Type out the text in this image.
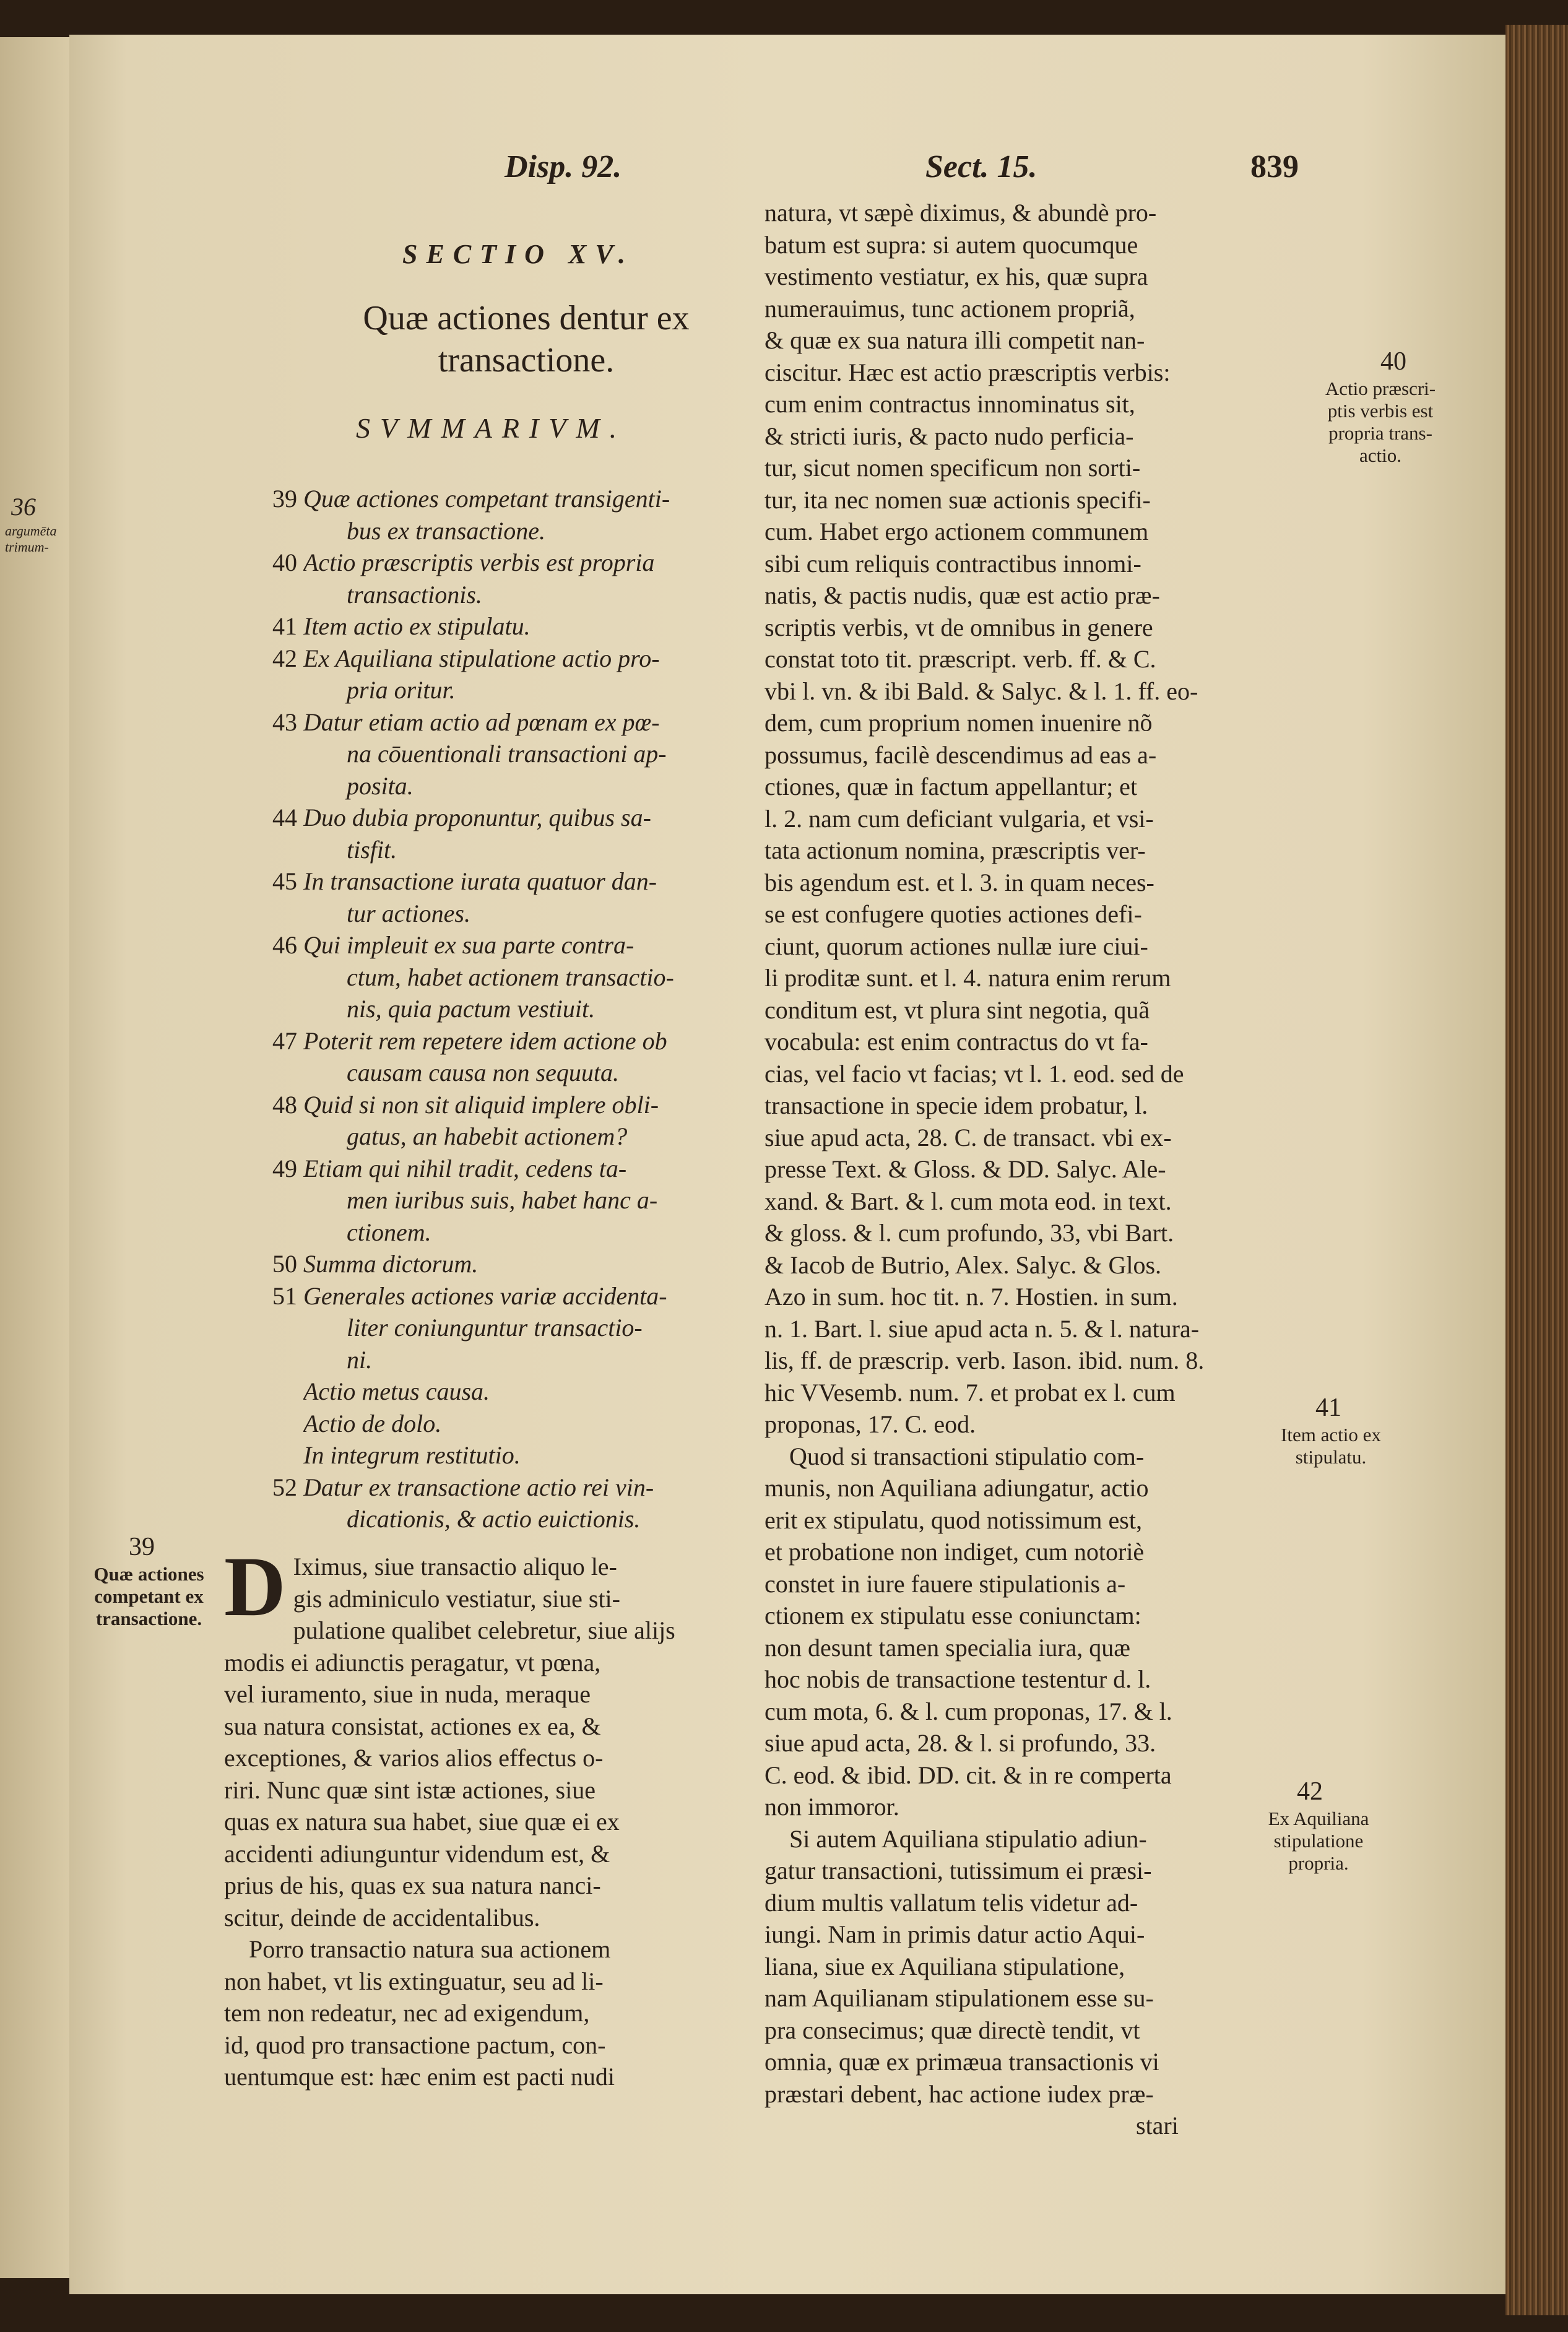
36
argumēta
trimum-
Disp. 92.	Sect. 15.	839
SECTIO XV.
Quæ actiones dentur ex
transactione.
SVMMARIVM.
39 Quæ actiones competant transigenti-
bus ex transactione.
40 Actio præscriptis verbis est propria
transactionis.
41 Item actio ex stipulatu.
42 Ex Aquiliana stipulatione actio pro-
pria oritur.
43 Datur etiam actio ad pœnam ex pœ-
na cōuentionali transactioni ap-
posita.
44 Duo dubia proponuntur, quibus sa-
tisfit.
45 In transactione iurata quatuor dan-
tur actiones.
46 Qui impleuit ex sua parte contra-
ctum, habet actionem transactio-
nis, quia pactum vestiuit.
47 Poterit rem repetere idem actione ob
causam causa non sequuta.
48 Quid si non sit aliquid implere obli-
gatus, an habebit actionem?
49 Etiam qui nihil tradit, cedens ta-
men iuribus suis, habet hanc a-
ctionem.
50 Summa dictorum.
51 Generales actiones variæ accidenta-
liter coniunguntur transactio-
ni.
Actio metus causa.
Actio de dolo.
In integrum restitutio.
52 Datur ex transactione actio rei vin-
dicationis, & actio euictionis.
39
Quæ actiones
competant ex
transactione. D Iximus, siue transactio aliquo le-
gis adminiculo vestiatur, siue sti-
pulatione qualibet celebretur, siue alijs
modis ei adiunctis peragatur, vt pœna,
vel iuramento, siue in nuda, meraque
sua natura consistat, actiones ex ea, &
exceptiones, & varios alios effectus o-
riri. Nunc quæ sint istæ actiones, siue
quas ex natura sua habet, siue quæ ei ex
accidenti adiunguntur videndum est, &
prius de his, quas ex sua natura nanci-
scitur, deinde de accidentalibus.
Porro transactio natura sua actionem
non habet, vt lis extinguatur, seu ad li-
tem non redeatur, nec ad exigendum,
id, quod pro transactione pactum, con-
uentumque est: hæc enim est pacti nudi
natura, vt sæpè diximus, & abundè pro-
batum est supra: si autem quocumque
vestimento vestiatur, ex his, quæ supra
numerauimus, tunc actionem propriã,
& quæ ex sua natura illi competit nan-
ciscitur. Hæc est actio præscriptis verbis:
cum enim contractus innominatus sit,
& stricti iuris, & pacto nudo perficia-
tur, sicut nomen specificum non sorti-
tur, ita nec nomen suæ actionis specifi-
cum. Habet ergo actionem communem
sibi cum reliquis contractibus innomi-
natis, & pactis nudis, quæ est actio præ-
scriptis verbis, vt de omnibus in genere
constat toto tit. præscript. verb. ff. & C.
vbi l. vn. & ibi Bald. & Salyc. & l. 1. ff. eo-
dem, cum proprium nomen inuenire nõ
possumus, facilè descendimus ad eas a-
ctiones, quæ in factum appellantur; et
l. 2. nam cum deficiant vulgaria, et vsi-
tata actionum nomina, præscriptis ver-
bis agendum est. et l. 3. in quam neces-
se est confugere quoties actiones defi-
ciunt, quorum actiones nullæ iure ciui-
li proditæ sunt. et l. 4. natura enim rerum
conditum est, vt plura sint negotia, quã
vocabula: est enim contractus do vt fa-
cias, vel facio vt facias; vt l. 1. eod. sed de
transactione in specie idem probatur, l.
siue apud acta, 28. C. de transact. vbi ex-
presse Text. & Gloss. & DD. Salyc. Ale-
xand. & Bart. & l. cum mota eod. in text.
& gloss. & l. cum profundo, 33, vbi Bart.
& Iacob de Butrio, Alex. Salyc. & Glos.
Azo in sum. hoc tit. n. 7. Hostien. in sum.
n. 1. Bart. l. siue apud acta n. 5. & l. natura-
lis, ff. de præscrip. verb. Iason. ibid. num. 8.
hic VVesemb. num. 7. et probat ex l. cum
proponas, 17. C. eod.
Quod si transactioni stipulatio com-
munis, non Aquiliana adiungatur, actio
erit ex stipulatu, quod notissimum est,
et probatione non indiget, cum notoriè
constet in iure fauere stipulationis a-
ctionem ex stipulatu esse coniunctam:
non desunt tamen specialia iura, quæ
hoc nobis de transactione testentur d. l.
cum mota, 6. & l. cum proponas, 17. & l.
siue apud acta, 28. & l. si profundo, 33.
C. eod. & ibid. DD. cit. & in re comperta
non immoror.
Si autem Aquiliana stipulatio adiun-
gatur transactioni, tutissimum ei præsi-
dium multis vallatum telis videtur ad-
iungi. Nam in primis datur actio Aqui-
liana, siue ex Aquiliana stipulatione,
nam Aquilianam stipulationem esse su-
pra consecimus; quæ directè tendit, vt
omnia, quæ ex primæua transactionis vi
præstari debent, hac actione iudex præ-
stari
40
Actio præscri-
ptis verbis est
propria trans-
actio.
41
Item actio ex
stipulatu.
42
Ex Aquiliana
stipulatione
propria.
